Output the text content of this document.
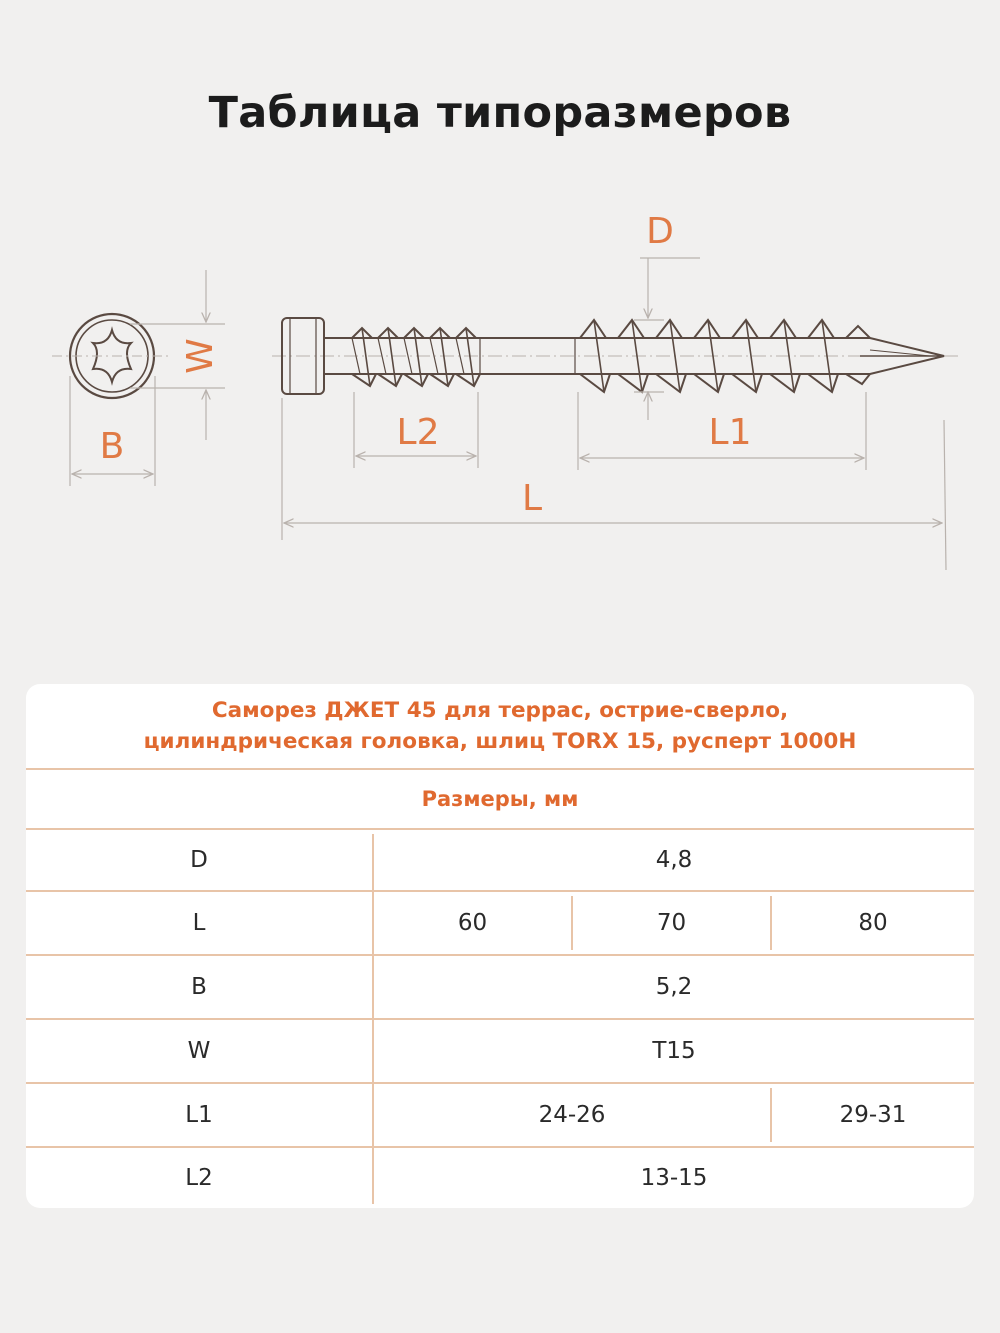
Таблица типоразмеров
W
B
D
L2	L1
L
Саморез ДЖЕТ 45 для террас, острие-сверло,
цилиндрическая головка, шлиц TORX 15, русперт 1000Н
Размеры, мм
D	4,8
L	60	70	80
B	5,2
W	T15
L1	24-26	29-31
L2	13-15
